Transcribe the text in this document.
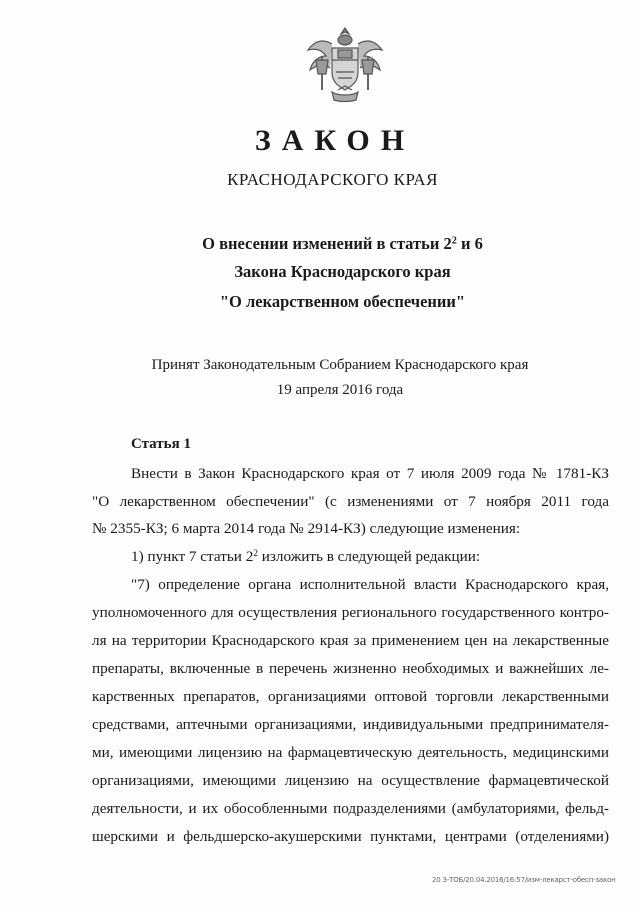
ЗАКОН
КРАСНОДАРСКОГО КРАЯ
О внесении изменений в статьи $2^2$ и 6
Закона Краснодарского края
"О лекарственном обеспечении"
Принят Законодательным Собранием Краснодарского края
19 апреля 2016 года
Статья 1
Внести в Закон Краснодарского края от 7 июля 2009 года № 1781-КЗ
"О лекарственном обеспечении" (с изменениями от 7 ноября 2011 года
№ 2355-КЗ; 6 марта 2014 года № 2914-КЗ) следующие изменения:
1) пункт 7 статьи $2^2$ изложить в следующей редакции:
"7) определение органа исполнительной власти Краснодарского края,
уполномоченного для осуществления регионального государственного контро-
ля на территории Краснодарского края за применением цен на лекарственные
препараты, включенные в перечень жизненно необходимых и важнейших ле-
карственных препаратов, организациями оптовой торговли лекарственными
средствами, аптечными организациями, индивидуальными предпринимателя-
ми, имеющими лицензию на фармацевтическую деятельность, медицинскими
организациями, имеющими лицензию на осуществление фармацевтической
деятельности, и их обособленными подразделениями (амбулаториями, фельд-
шерскими и фельдшерско-акушерскими пунктами, центрами (отделениями)
20 З-ТОБ/20.04.2016/16:57/изм-лекарст-обесп-закон
